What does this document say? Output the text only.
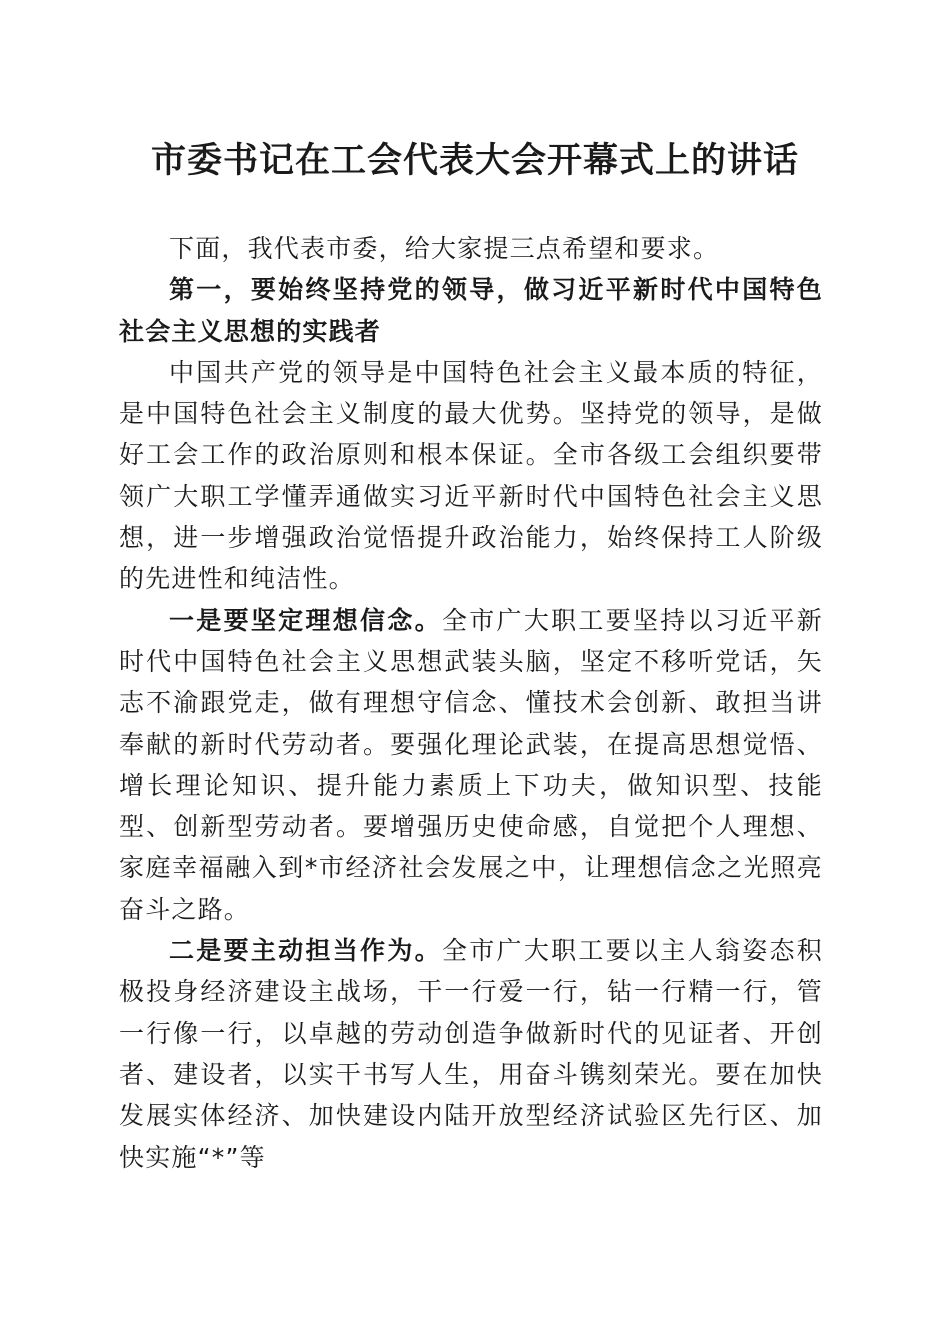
市委书记在工会代表大会开幕式上的讲话

下面，我代表市委，给大家提三点希望和要求。

第一，要始终坚持党的领导，做习近平新时代中国特色社会主义思想的实践者

中国共产党的领导是中国特色社会主义最本质的特征，是中国特色社会主义制度的最大优势。坚持党的领导，是做好工会工作的政治原则和根本保证。全市各级工会组织要带领广大职工学懂弄通做实习近平新时代中国特色社会主义思想，进一步增强政治觉悟提升政治能力，始终保持工人阶级的先进性和纯洁性。

一是要坚定理想信念。全市广大职工要坚持以习近平新时代中国特色社会主义思想武装头脑，坚定不移听党话，矢志不渝跟党走，做有理想守信念、懂技术会创新、敢担当讲奉献的新时代劳动者。要强化理论武装，在提高思想觉悟、增长理论知识、提升能力素质上下功夫，做知识型、技能型、创新型劳动者。要增强历史使命感，自觉把个人理想、家庭幸福融入到*市经济社会发展之中，让理想信念之光照亮奋斗之路。

二是要主动担当作为。全市广大职工要以主人翁姿态积极投身经济建设主战场，干一行爱一行，钻一行精一行，管一行像一行，以卓越的劳动创造争做新时代的见证者、开创者、建设者，以实干书写人生，用奋斗镌刻荣光。要在加快发展实体经济、加快建设内陆开放型经济试验区先行区、加快实施“*”等
